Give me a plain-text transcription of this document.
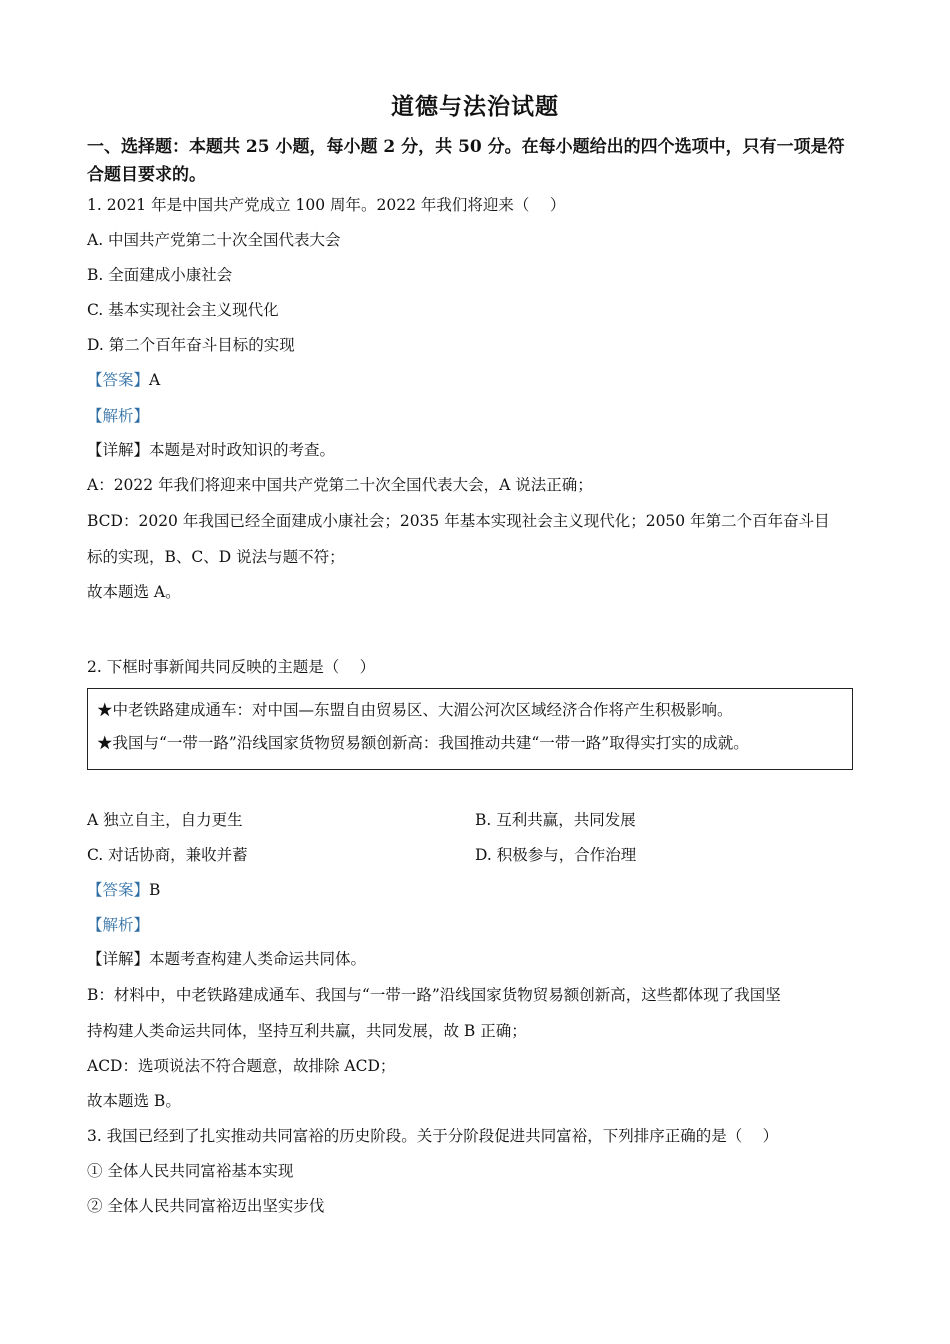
道德与法治试题
一、选择题：本题共 25 小题，每小题 2 分，共 50 分。在每小题给出的四个选项中，只有一项是符合题目要求的。
1. 2021 年是中国共产党成立 100 周年。2022 年我们将迎来（　 ）
A. 中国共产党第二十次全国代表大会
B. 全面建成小康社会
C. 基本实现社会主义现代化
D. 第二个百年奋斗目标的实现
【答案】A
【解析】
【详解】本题是对时政知识的考查。
A：2022 年我们将迎来中国共产党第二十次全国代表大会，A 说法正确；
BCD：2020 年我国已经全面建成小康社会；2035 年基本实现社会主义现代化；2050 年第二个百年奋斗目
标的实现，B、C、D 说法与题不符；
故本题选 A。
2. 下框时事新闻共同反映的主题是（　 ）
★中老铁路建成通车：对中国—东盟自由贸易区、大湄公河次区域经济合作将产生积极影响。
★我国与“一带一路”沿线国家货物贸易额创新高：我国推动共建“一带一路”取得实打实的成就。
A 独立自主，自力更生	B. 互利共赢，共同发展
C. 对话协商，兼收并蓄	D. 积极参与，合作治理
【答案】B
【解析】
【详解】本题考查构建人类命运共同体。
B：材料中，中老铁路建成通车、我国与“一带一路”沿线国家货物贸易额创新高，这些都体现了我国坚
持构建人类命运共同体，坚持互利共赢，共同发展，故 B 正确；
ACD：选项说法不符合题意，故排除 ACD；
故本题选 B。
3. 我国已经到了扎实推动共同富裕的历史阶段。关于分阶段促进共同富裕，下列排序正确的是（　 ）
① 全体人民共同富裕基本实现
② 全体人民共同富裕迈出坚实步伐
